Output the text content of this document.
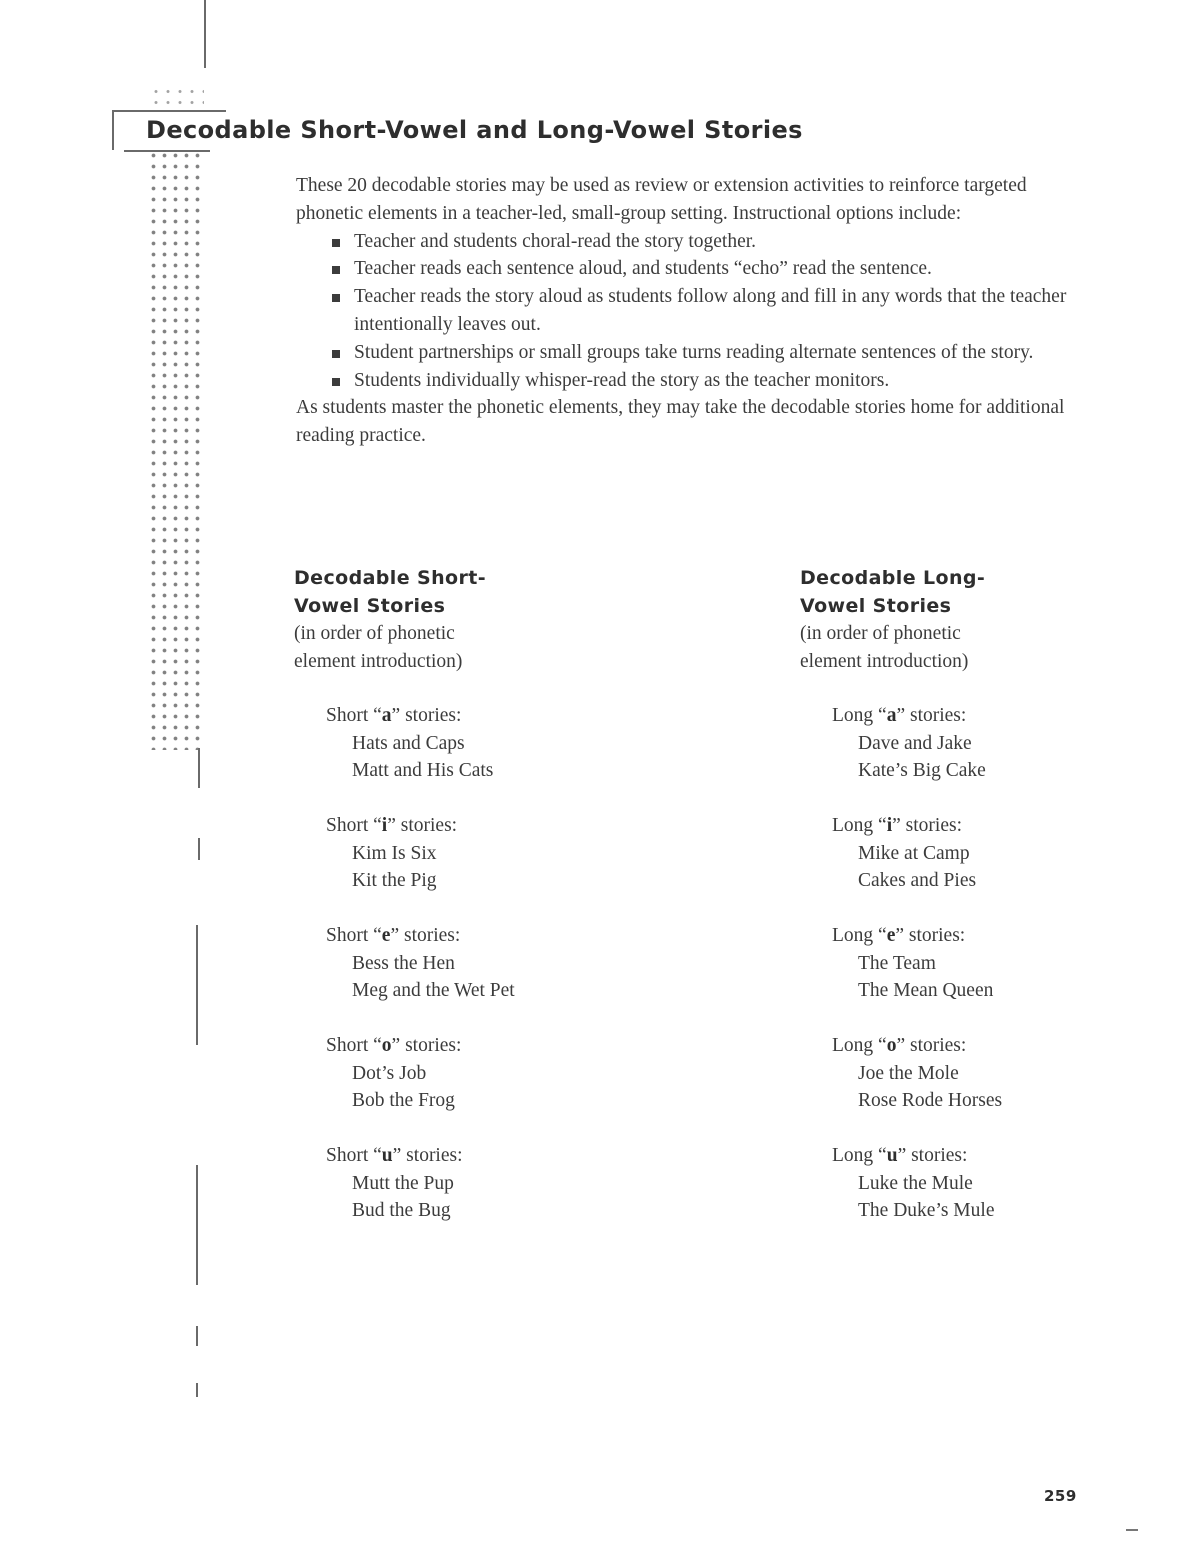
Decodable Short-Vowel and Long-Vowel Stories

These 20 decodable stories may be used as review or extension activities to reinforce targeted phonetic elements in a teacher-led, small-group setting. Instructional options include:

Teacher and students choral-read the story together.
Teacher reads each sentence aloud, and students “echo” read the sentence.
Teacher reads the story aloud as students follow along and fill in any words that the teacher intentionally leaves out.
Student partnerships or small groups take turns reading alternate sentences of the story.
Students individually whisper-read the story as the teacher monitors.

As students master the phonetic elements, they may take the decodable stories home for additional reading practice.

Decodable Short-

Vowel Stories

(in order of phonetic

element introduction)

Short “a” stories:
Hats and Caps
Matt and His Cats
Short “i” stories:
Kim Is Six
Kit the Pig
Short “e” stories:
Bess the Hen
Meg and the Wet Pet
Short “o” stories:
Dot’s Job
Bob the Frog
Short “u” stories:
Mutt the Pup
Bud the Bug

Decodable Long-

Vowel Stories

(in order of phonetic

element introduction)

Long “a” stories:
Dave and Jake
Kate’s Big Cake
Long “i” stories:
Mike at Camp
Cakes and Pies
Long “e” stories:
The Team
The Mean Queen
Long “o” stories:
Joe the Mole
Rose Rode Horses
Long “u” stories:
Luke the Mule
The Duke’s Mule

259
